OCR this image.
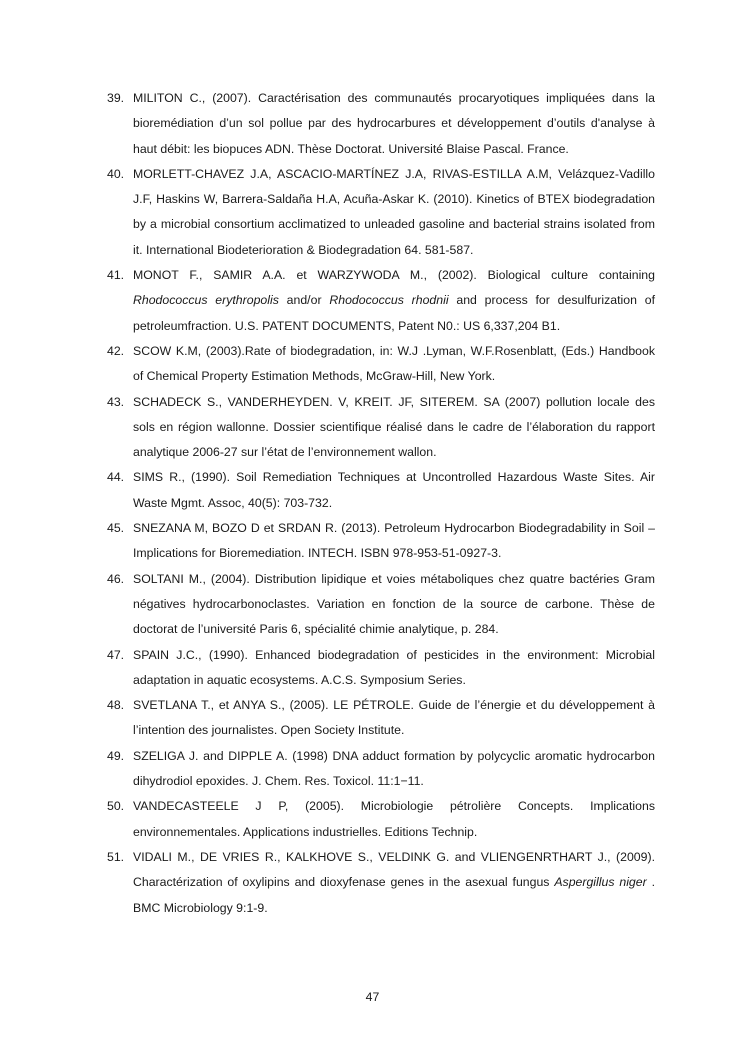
39. MILITON C., (2007). Caractérisation des communautés procaryotiques impliquées dans la bioremédiation d’un sol pollue par des hydrocarbures et développement d’outils d'analyse à haut débit: les biopuces ADN. Thèse Doctorat. Université Blaise Pascal. France.
40. MORLETT-CHAVEZ J.A, ASCACIO-MARTÍNEZ J.A, RIVAS-ESTILLA A.M, Velázquez-Vadillo J.F, Haskins W, Barrera-Saldaña H.A, Acuña-Askar K. (2010). Kinetics of BTEX biodegradation by a microbial consortium acclimatized to unleaded gasoline and bacterial strains isolated from it. International Biodeterioration & Biodegradation 64. 581-587.
41. MONOT F., SAMIR A.A. et WARZYWODA M., (2002). Biological culture containing Rhodococcus erythropolis and/or Rhodococcus rhodnii and process for desulfurization of petroleumfraction. U.S. PATENT DOCUMENTS, Patent N0.: US 6,337,204 B1.
42. SCOW K.M, (2003).Rate of biodegradation, in: W.J .Lyman, W.F.Rosenblatt, (Eds.) Handbook of Chemical Property Estimation Methods, McGraw-Hill, New York.
43. SCHADECK S., VANDERHEYDEN. V, KREIT. JF, SITEREM. SA (2007) pollution locale des sols en région wallonne. Dossier scientifique réalisé dans le cadre de l’élaboration du rapport analytique 2006-27 sur l’état de l’environnement wallon.
44. SIMS R., (1990). Soil Remediation Techniques at Uncontrolled Hazardous Waste Sites. Air Waste Mgmt. Assoc, 40(5): 703-732.
45. SNEZANA M, BOZO D et SRDAN R. (2013). Petroleum Hydrocarbon Biodegradability in Soil – Implications for Bioremediation. INTECH. ISBN 978-953-51-0927-3.
46. SOLTANI M., (2004). Distribution lipidique et voies métaboliques chez quatre bactéries Gram négatives hydrocarbonoclastes. Variation en fonction de la source de carbone. Thèse de doctorat de l’université Paris 6, spécialité chimie analytique, p. 284.
47. SPAIN J.C., (1990). Enhanced biodegradation of pesticides in the environment: Microbial adaptation in aquatic ecosystems. A.C.S. Symposium Series.
48. SVETLANA T., et ANYA S., (2005). LE PÉTROLE. Guide de l’énergie et du développement à l’intention des journalistes. Open Society Institute.
49. SZELIGA J. and DIPPLE A. (1998) DNA adduct formation by polycyclic aromatic hydrocarbon dihydrodiol epoxides. J. Chem. Res. Toxicol. 11:1−11.
50. VANDECASTEELE J P, (2005). Microbiologie pétrolière Concepts. Implications environnementales. Applications industrielles. Editions Technip.
51. VIDALI M., DE VRIES R., KALKHOVE S., VELDINK G. and VLIENGENRTHART J., (2009). Charactérization of oxylipins and dioxyfenase genes in the asexual fungus Aspergillus niger . BMC Microbiology 9:1-9.
47
